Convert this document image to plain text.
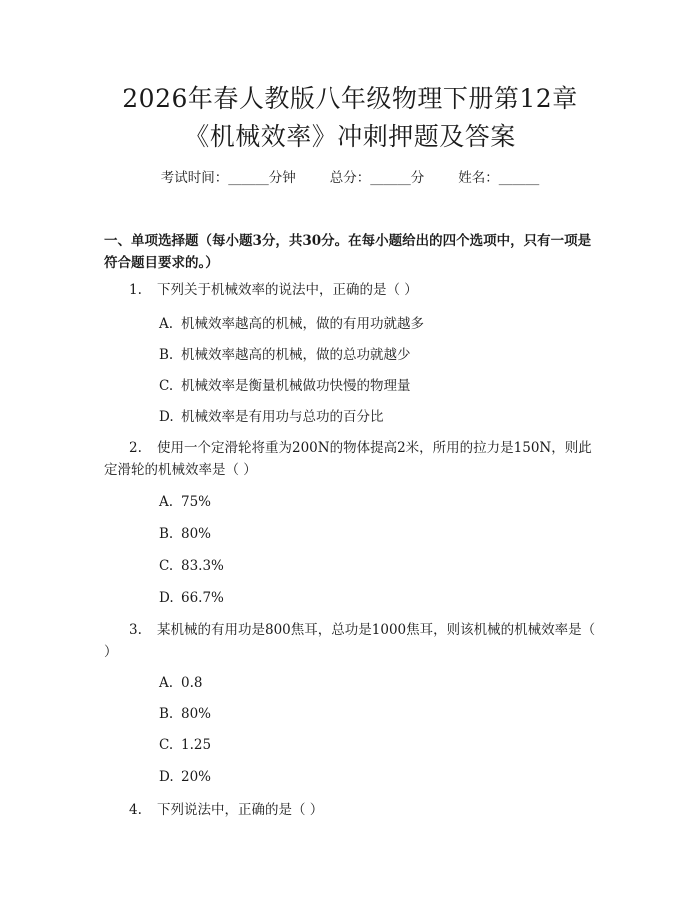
2026年春人教版八年级物理下册第12章
《机械效率》冲刺押题及答案
考试时间：______分钟	总分：______分	姓名：______
一、单项选择题（每小题3分，共30分。在每小题给出的四个选项中，只有一项是符合题目要求的。）
1. 下列关于机械效率的说法中，正确的是（ ）
A. 机械效率越高的机械，做的有用功就越多
B. 机械效率越高的机械，做的总功就越少
C. 机械效率是衡量机械做功快慢的物理量
D. 机械效率是有用功与总功的百分比
2. 使用一个定滑轮将重为200N的物体提高2米，所用的拉力是150N，则此定滑轮的机械效率是（ ）
A. 75%
B. 80%
C. 83.3%
D. 66.7%
3. 某机械的有用功是800焦耳，总功是1000焦耳，则该机械的机械效率是（ ）
A. 0.8
B. 80%
C. 1.25
D. 20%
4. 下列说法中，正确的是（ ）
